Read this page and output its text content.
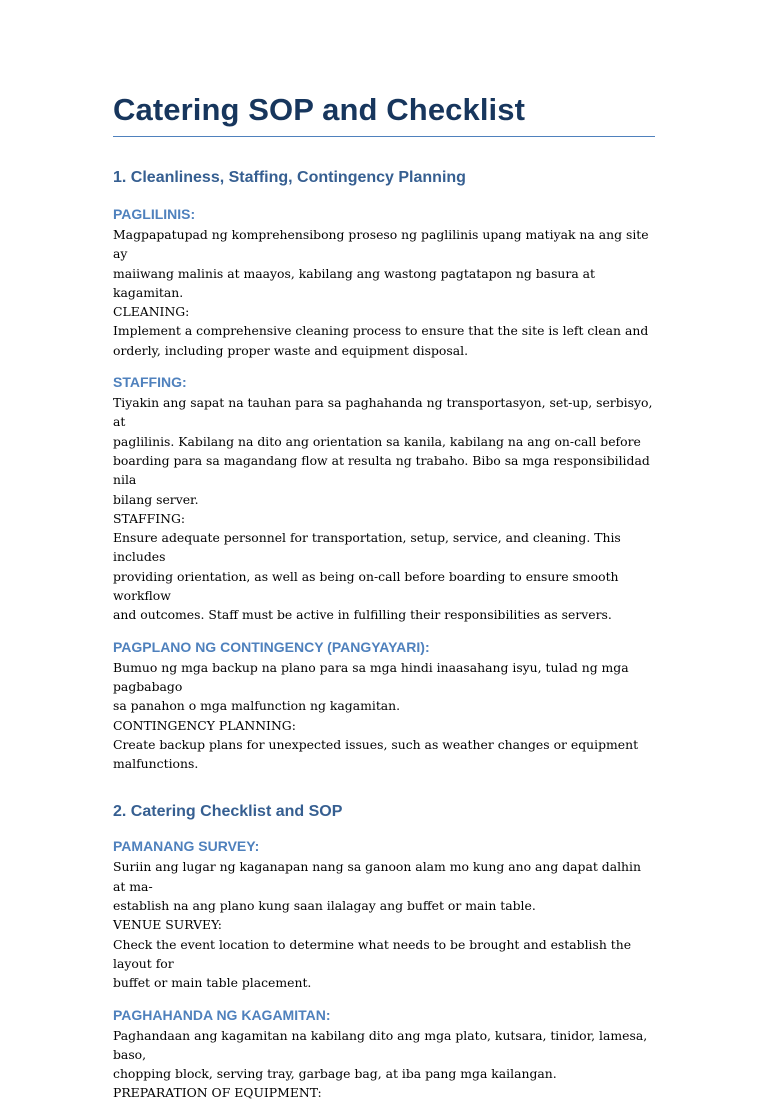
Catering SOP and Checklist
1. Cleanliness, Staffing, Contingency Planning
PAGLILINIS:
Magpapatupad ng komprehensibong proseso ng paglilinis upang matiyak na ang site ay
maiiwang malinis at maayos, kabilang ang wastong pagtatapon ng basura at kagamitan.
CLEANING:
Implement a comprehensive cleaning process to ensure that the site is left clean and
orderly, including proper waste and equipment disposal.
STAFFING:
Tiyakin ang sapat na tauhan para sa paghahanda ng transportasyon, set-up, serbisyo, at
paglilinis. Kabilang na dito ang orientation sa kanila, kabilang na ang on-call before
boarding para sa magandang flow at resulta ng trabaho. Bibo sa mga responsibilidad nila
bilang server.
STAFFING:
Ensure adequate personnel for transportation, setup, service, and cleaning. This includes
providing orientation, as well as being on-call before boarding to ensure smooth workflow
and outcomes. Staff must be active in fulfilling their responsibilities as servers.
PAGPLANO NG CONTINGENCY (PANGYAYARI):
Bumuo ng mga backup na plano para sa mga hindi inaasahang isyu, tulad ng mga pagbabago
sa panahon o mga malfunction ng kagamitan.
CONTINGENCY PLANNING:
Create backup plans for unexpected issues, such as weather changes or equipment
malfunctions.
2. Catering Checklist and SOP
PAMANANG SURVEY:
Suriin ang lugar ng kaganapan nang sa ganoon alam mo kung ano ang dapat dalhin at ma-
establish na ang plano kung saan ilalagay ang buffet or main table.
VENUE SURVEY:
Check the event location to determine what needs to be brought and establish the layout for
buffet or main table placement.
PAGHAHANDA NG KAGAMITAN:
Paghandaan ang kagamitan na kabilang dito ang mga plato, kutsara, tinidor, lamesa, baso,
chopping block, serving tray, garbage bag, at iba pang mga kailangan.
PREPARATION OF EQUIPMENT:
